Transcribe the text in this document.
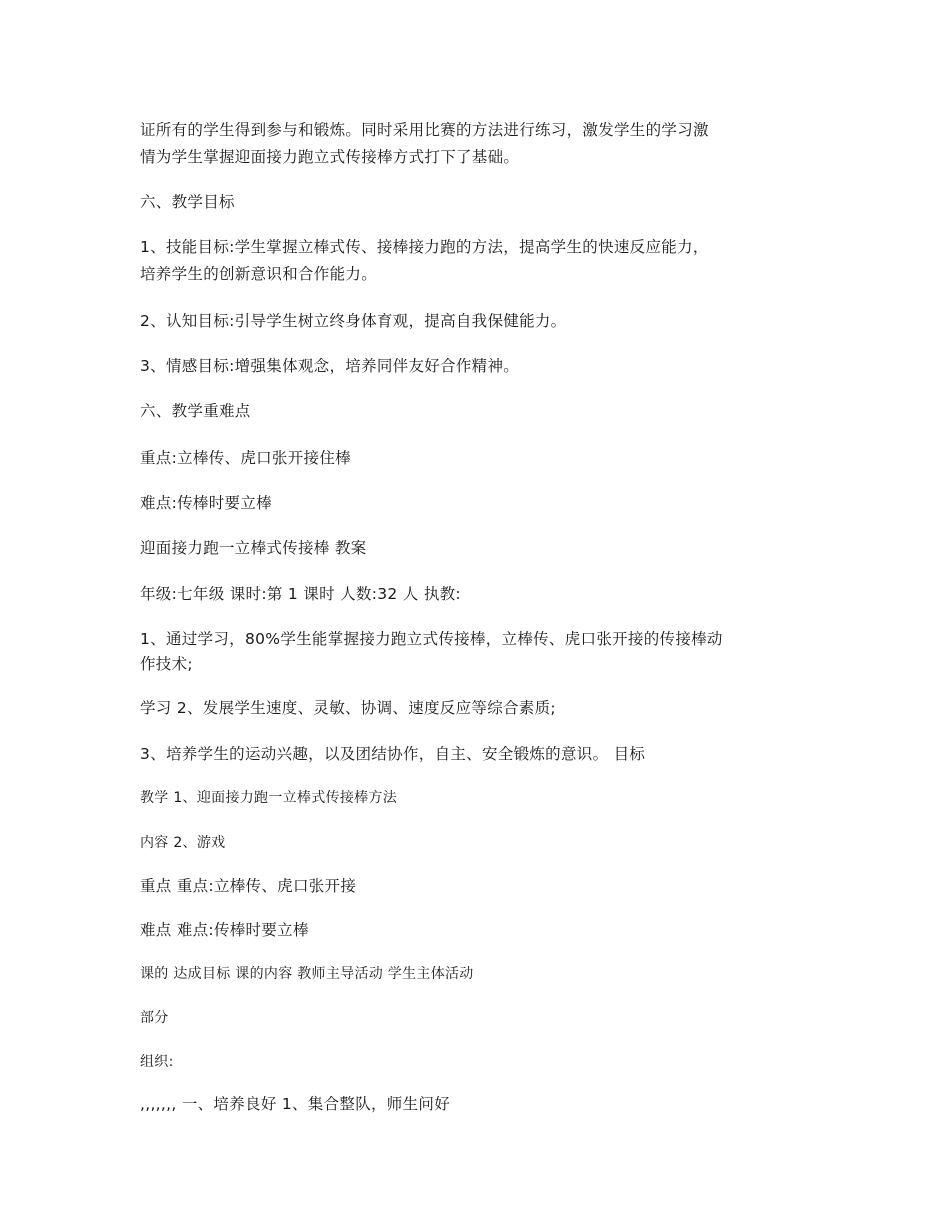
证所有的学生得到参与和锻炼。同时采用比赛的方法进行练习，激发学生的学习激
情为学生掌握迎面接力跑立式传接棒方式打下了基础。
六、教学目标
1、技能目标:学生掌握立棒式传、接棒接力跑的方法，提高学生的快速反应能力，
培养学生的创新意识和合作能力。
2、认知目标:引导学生树立终身体育观，提高自我保健能力。
3、情感目标:增强集体观念，培养同伴友好合作精神。
六、教学重难点
重点:立棒传、虎口张开接住棒
难点:传棒时要立棒
迎面接力跑一立棒式传接棒 教案
年级:七年级 课时:第 1 课时 人数:32 人 执教:
1、通过学习，80%学生能掌握接力跑立式传接棒，立棒传、虎口张开接的传接棒动
作技术;
学习 2、发展学生速度、灵敏、协调、速度反应等综合素质;
3、培养学生的运动兴趣，以及团结协作，自主、安全锻炼的意识。 目标
教学 1、迎面接力跑一立棒式传接棒方法
内容 2、游戏
重点 重点:立棒传、虎口张开接
难点 难点:传棒时要立棒
课的 达成目标 课的内容 教师主导活动 学生主体活动
部分
组织:
,,,,,,, 一、培养良好 1、集合整队，师生问好
